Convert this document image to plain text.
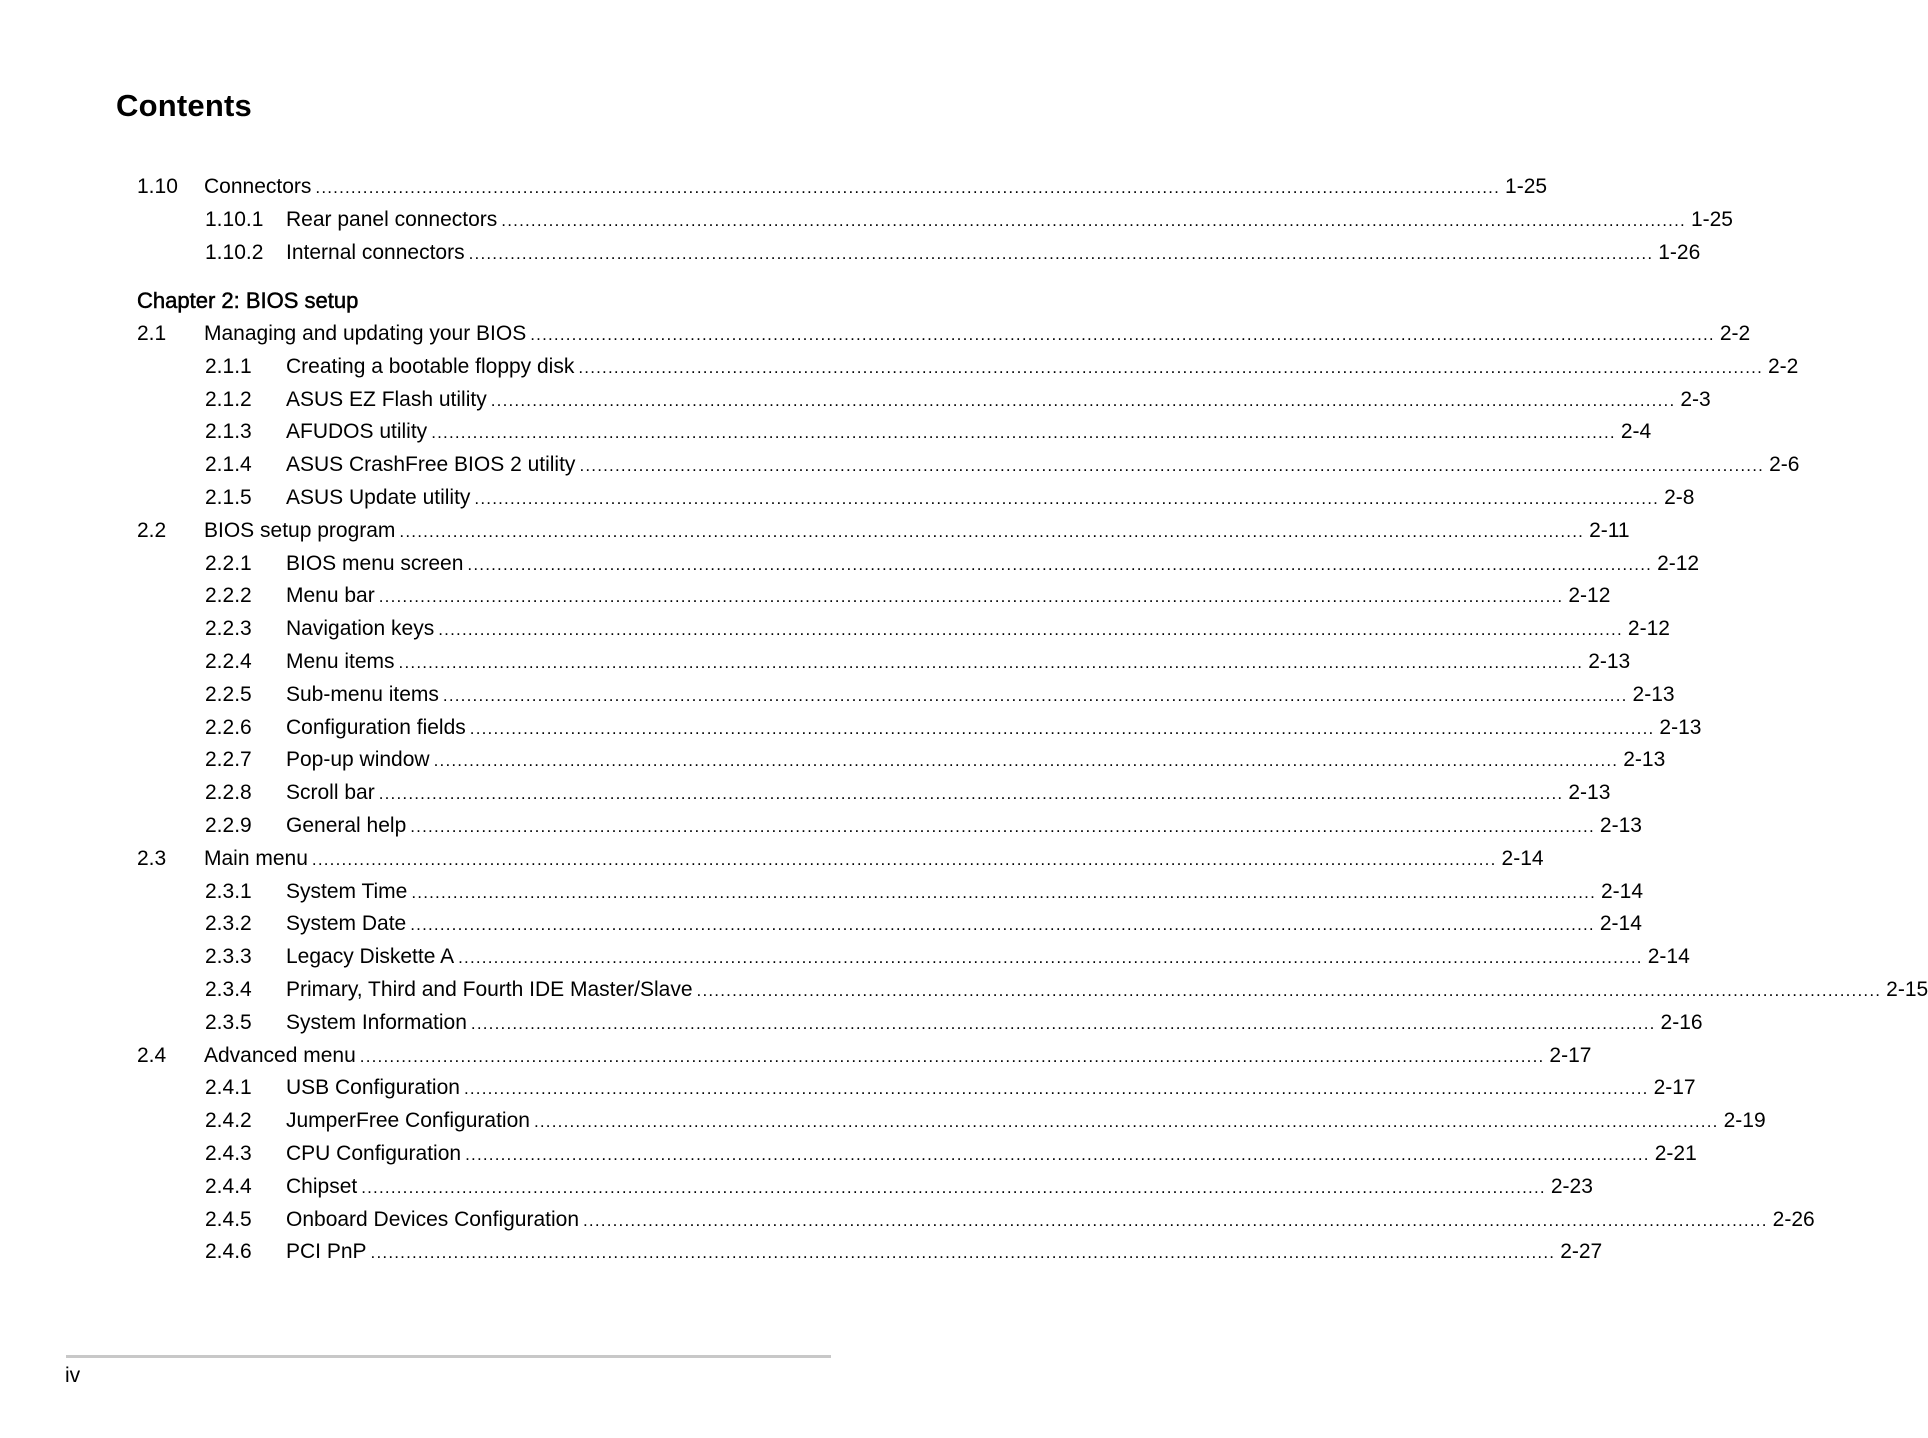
Contents
1.10 Connectors ........................................................................................................................................................................................................ 1-25
1.10.1 Rear panel connectors ........................................................................................................................................................................................................ 1-25
1.10.2 Internal connectors ........................................................................................................................................................................................................ 1-26
2.1 Managing and updating your BIOS ........................................................................................................................................................................................................ 2-2
2.1.1 Creating a bootable floppy disk ........................................................................................................................................................................................................ 2-2
2.1.2 ASUS EZ Flash utility ........................................................................................................................................................................................................ 2-3
2.1.3 AFUDOS utility ........................................................................................................................................................................................................ 2-4
2.1.4 ASUS CrashFree BIOS 2 utility ........................................................................................................................................................................................................ 2-6
2.1.5 ASUS Update utility ........................................................................................................................................................................................................ 2-8
2.2 BIOS setup program ........................................................................................................................................................................................................ 2-11
2.2.1 BIOS menu screen ........................................................................................................................................................................................................ 2-12
2.2.2 Menu bar ........................................................................................................................................................................................................ 2-12
2.2.3 Navigation keys ........................................................................................................................................................................................................ 2-12
2.2.4 Menu items ........................................................................................................................................................................................................ 2-13
2.2.5 Sub-menu items ........................................................................................................................................................................................................ 2-13
2.2.6 Configuration fields ........................................................................................................................................................................................................ 2-13
2.2.7 Pop-up window ........................................................................................................................................................................................................ 2-13
2.2.8 Scroll bar ........................................................................................................................................................................................................ 2-13
2.2.9 General help ........................................................................................................................................................................................................ 2-13
2.3 Main menu ........................................................................................................................................................................................................ 2-14
2.3.1 System Time ........................................................................................................................................................................................................ 2-14
2.3.2 System Date ........................................................................................................................................................................................................ 2-14
2.3.3 Legacy Diskette A ........................................................................................................................................................................................................ 2-14
2.3.4 Primary, Third and Fourth IDE Master/Slave ........................................................................................................................................................................................................ 2-15
2.3.5 System Information ........................................................................................................................................................................................................ 2-16
2.4 Advanced menu ........................................................................................................................................................................................................ 2-17
2.4.1 USB Configuration ........................................................................................................................................................................................................ 2-17
2.4.2 JumperFree Configuration ........................................................................................................................................................................................................ 2-19
2.4.3 CPU Configuration ........................................................................................................................................................................................................ 2-21
2.4.4 Chipset ........................................................................................................................................................................................................ 2-23
2.4.5 Onboard Devices Configuration ........................................................................................................................................................................................................ 2-26
2.4.6 PCI PnP ........................................................................................................................................................................................................ 2-27
Chapter 2: BIOS setup
iv
